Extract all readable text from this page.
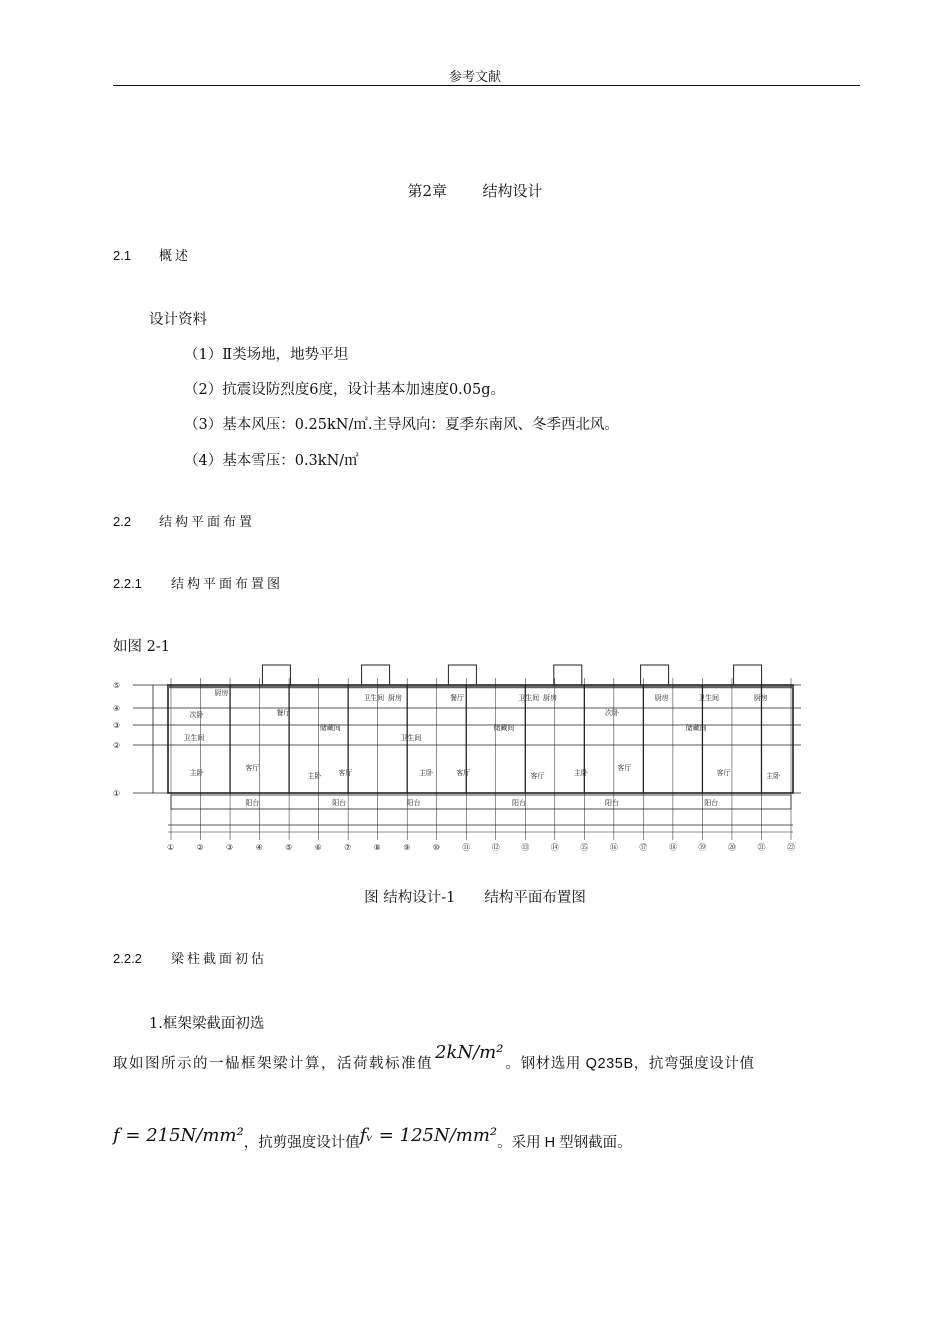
参考文献
第2章 结构设计
2.1 概述
设计资料
（1）Ⅱ类场地，地势平坦
（2）抗震设防烈度6度，设计基本加速度0.05g。
（3）基本风压：0.25kN/㎡.主导风向：夏季东南风、冬季西北风。
（4）基本雪压：0.3kN/㎡
2.2 结构平面布置
2.2.1 结构平面布置图
如图 2-1
①	②	③	④	⑤	⑥	⑦	⑧	⑨	⑩	⑪	⑫	⑬	⑭	⑮	⑯	⑰	⑱	⑲	⑳	㉑	㉒
厨房
次卧
卫生间
主卧
客厅
餐厅
储藏间
主卧 客厅
卫生间 厨房
卫生间
主卧
餐厅
客厅
储藏间
卫生间 厨房
客厅	主卧
次卧
厨房
客厅
储藏间
客厅
厨房
主卧
卫生间
阳台	阳台	阳台	阳台	阳台	阳台
⑤
④
③
②
①
图 结构设计-1　　结构平面布置图
2.2.2 梁柱截面初估
1.框架梁截面初选
取如图所示的一榀框架梁计算，活荷载标准值2kN/m²。钢材选用 Q235B，抗弯强度设计值
f = 215N/mm²，抗剪强度设计值fᵥ = 125N/mm²。采用 H 型钢截面。
